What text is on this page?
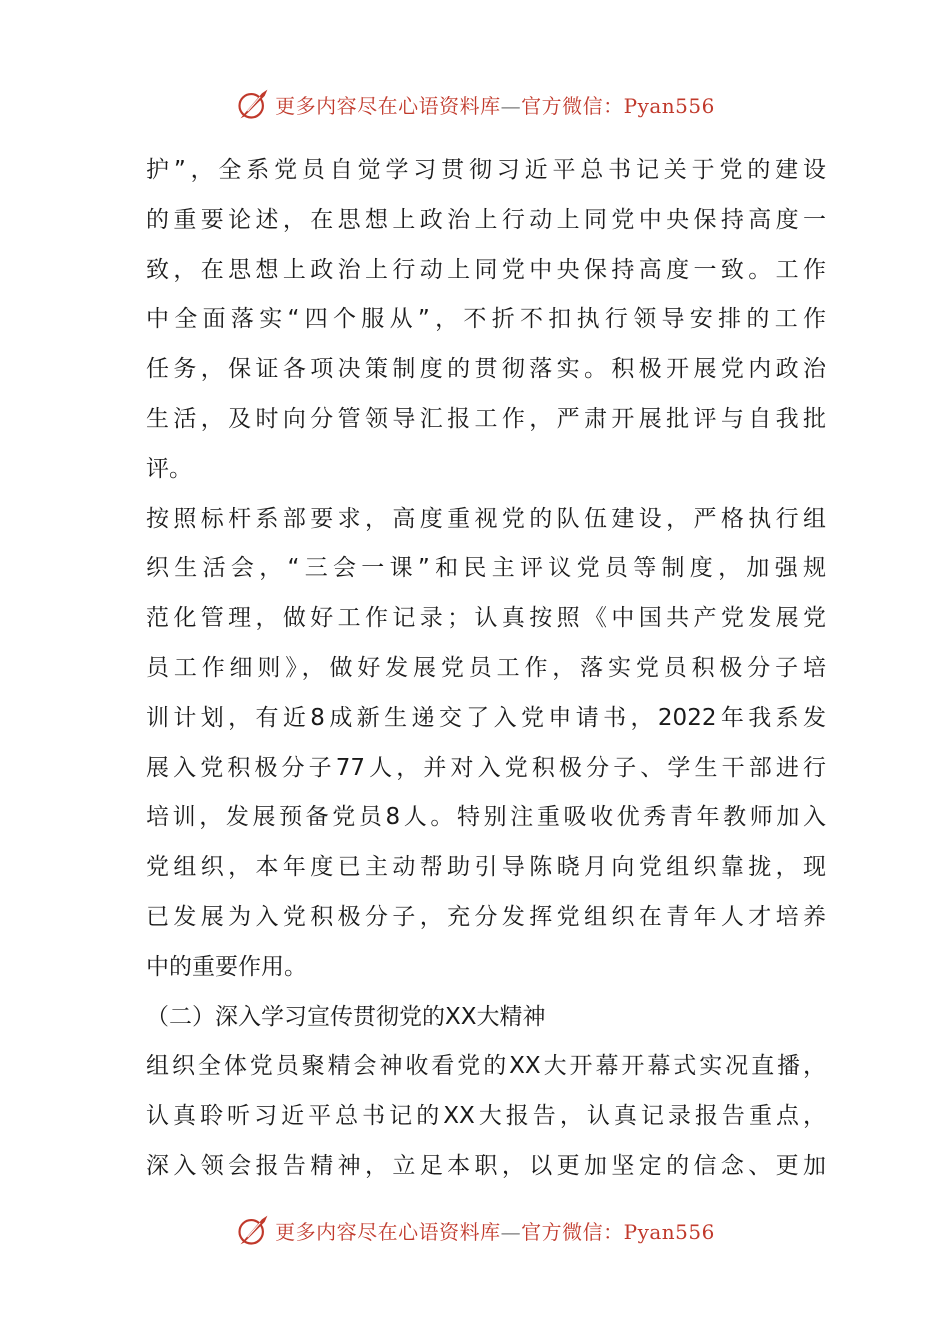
更多内容尽在心语资料库—官方微信：Pyan556
护”，全系党员自觉学习贯彻习近平总书记关于党的建设
的重要论述，在思想上政治上行动上同党中央保持高度一
致，在思想上政治上行动上同党中央保持高度一致。工作
中全面落实“四个服从”，不折不扣执行领导安排的工作
任务，保证各项决策制度的贯彻落实。积极开展党内政治
生活，及时向分管领导汇报工作，严肃开展批评与自我批
评。
按照标杆系部要求，高度重视党的队伍建设，严格执行组
织生活会，“三会一课”和民主评议党员等制度，加强规
范化管理，做好工作记录；认真按照《中国共产党发展党
员工作细则》，做好发展党员工作，落实党员积极分子培
训计划，有近8成新生递交了入党申请书，2022年我系发
展入党积极分子77人，并对入党积极分子、学生干部进行
培训，发展预备党员8人。特别注重吸收优秀青年教师加入
党组织，本年度已主动帮助引导陈晓月向党组织靠拢，现
已发展为入党积极分子，充分发挥党组织在青年人才培养
中的重要作用。
（二）深入学习宣传贯彻党的XX大精神
组织全体党员聚精会神收看党的XX大开幕开幕式实况直播，
认真聆听习近平总书记的XX大报告，认真记录报告重点，
深入领会报告精神，立足本职，以更加坚定的信念、更加
更多内容尽在心语资料库—官方微信：Pyan556
